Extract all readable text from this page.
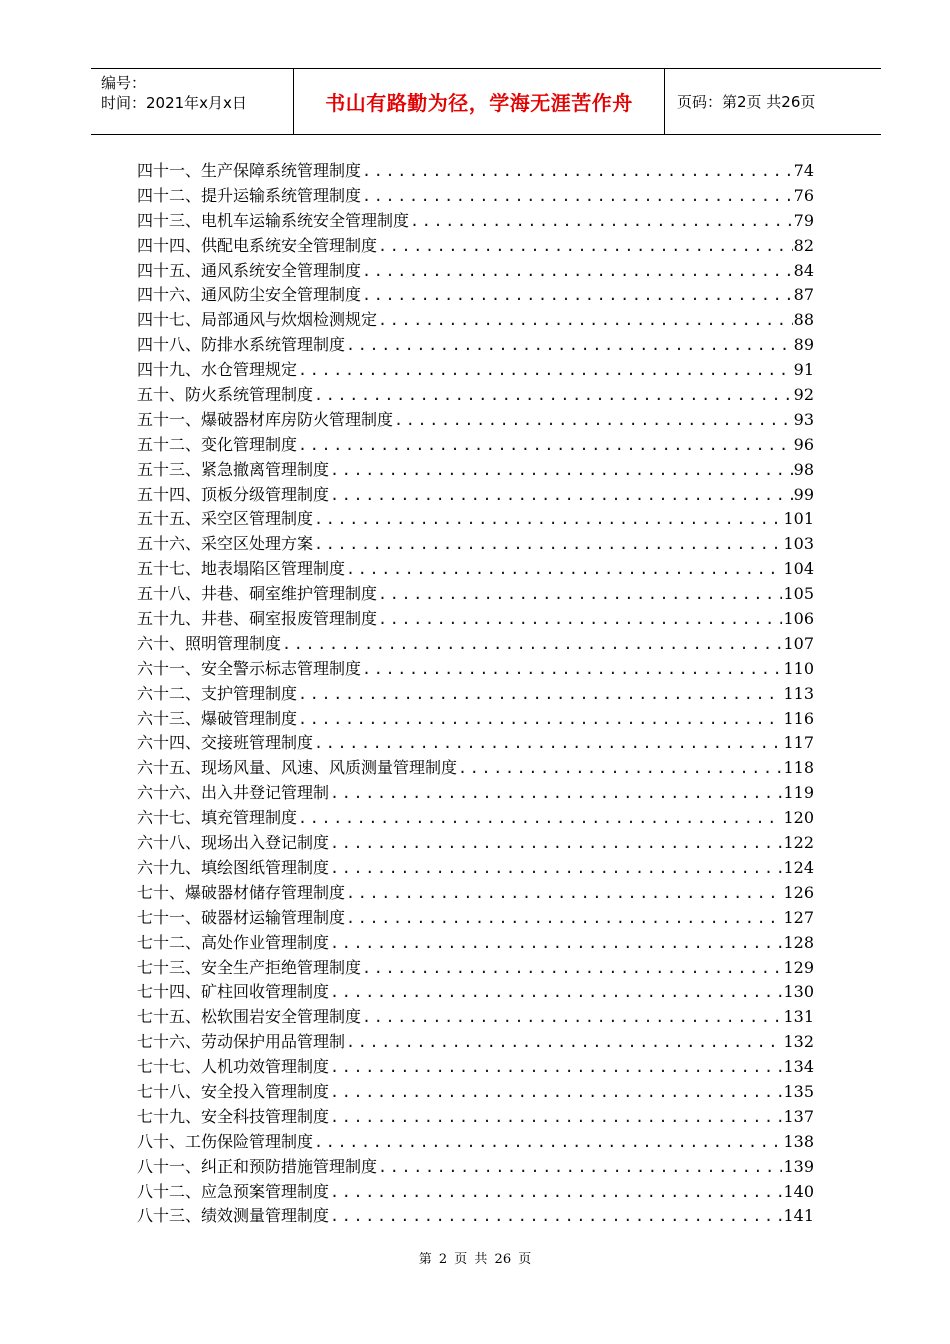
编号：
时间：2021年x月x日	书山有路勤为径，学海无涯苦作舟	页码：第2页 共26页
四十一、生产保障系统管理制度 .....	74
四十二、提升运输系统管理制度 .....	76
四十三、电机车运输系统安全管理制度 .....	79
四十四、供配电系统安全管理制度 .....	82
四十五、通风系统安全管理制度 .....	84
四十六、通风防尘安全管理制度 .....	87
四十七、局部通风与炊烟检测规定 .....	88
四十八、防排水系统管理制度 .....	89
四十九、水仓管理规定 .....	91
五十、防火系统管理制度 .....	92
五十一、爆破器材库房防火管理制度 .....	93
五十二、变化管理制度 .....	96
五十三、紧急撤离管理制度 .....	98
五十四、顶板分级管理制度 .....	99
五十五、采空区管理制度 .....	101
五十六、采空区处理方案 .....	103
五十七、地表塌陷区管理制度 .....	104
五十八、井巷、硐室维护管理制度 .....	105
五十九、井巷、硐室报废管理制度 .....	106
六十、照明管理制度 .....	107
六十一、安全警示标志管理制度 .....	110
六十二、支护管理制度 .....	113
六十三、爆破管理制度 .....	116
六十四、交接班管理制度 .....	117
六十五、现场风量、风速、风质测量管理制度 .....	118
六十六、出入井登记管理制 .....	119
六十七、填充管理制度 .....	120
六十八、现场出入登记制度 .....	122
六十九、填绘图纸管理制度 .....	124
七十、爆破器材储存管理制度 .....	126
七十一、破器材运输管理制度 .....	127
七十二、高处作业管理制度 .....	128
七十三、安全生产拒绝管理制度 .....	129
七十四、矿柱回收管理制度 .....	130
七十五、松软围岩安全管理制度 .....	131
七十六、劳动保护用品管理制 .....	132
七十七、人机功效管理制度 .....	134
七十八、安全投入管理制度 .....	135
七十九、安全科技管理制度 .....	137
八十、工伤保险管理制度 .....	138
八十一、纠正和预防措施管理制度 .....	139
八十二、应急预案管理制度 .....	140
八十三、绩效测量管理制度 .....	141
第 2 页 共 26 页
